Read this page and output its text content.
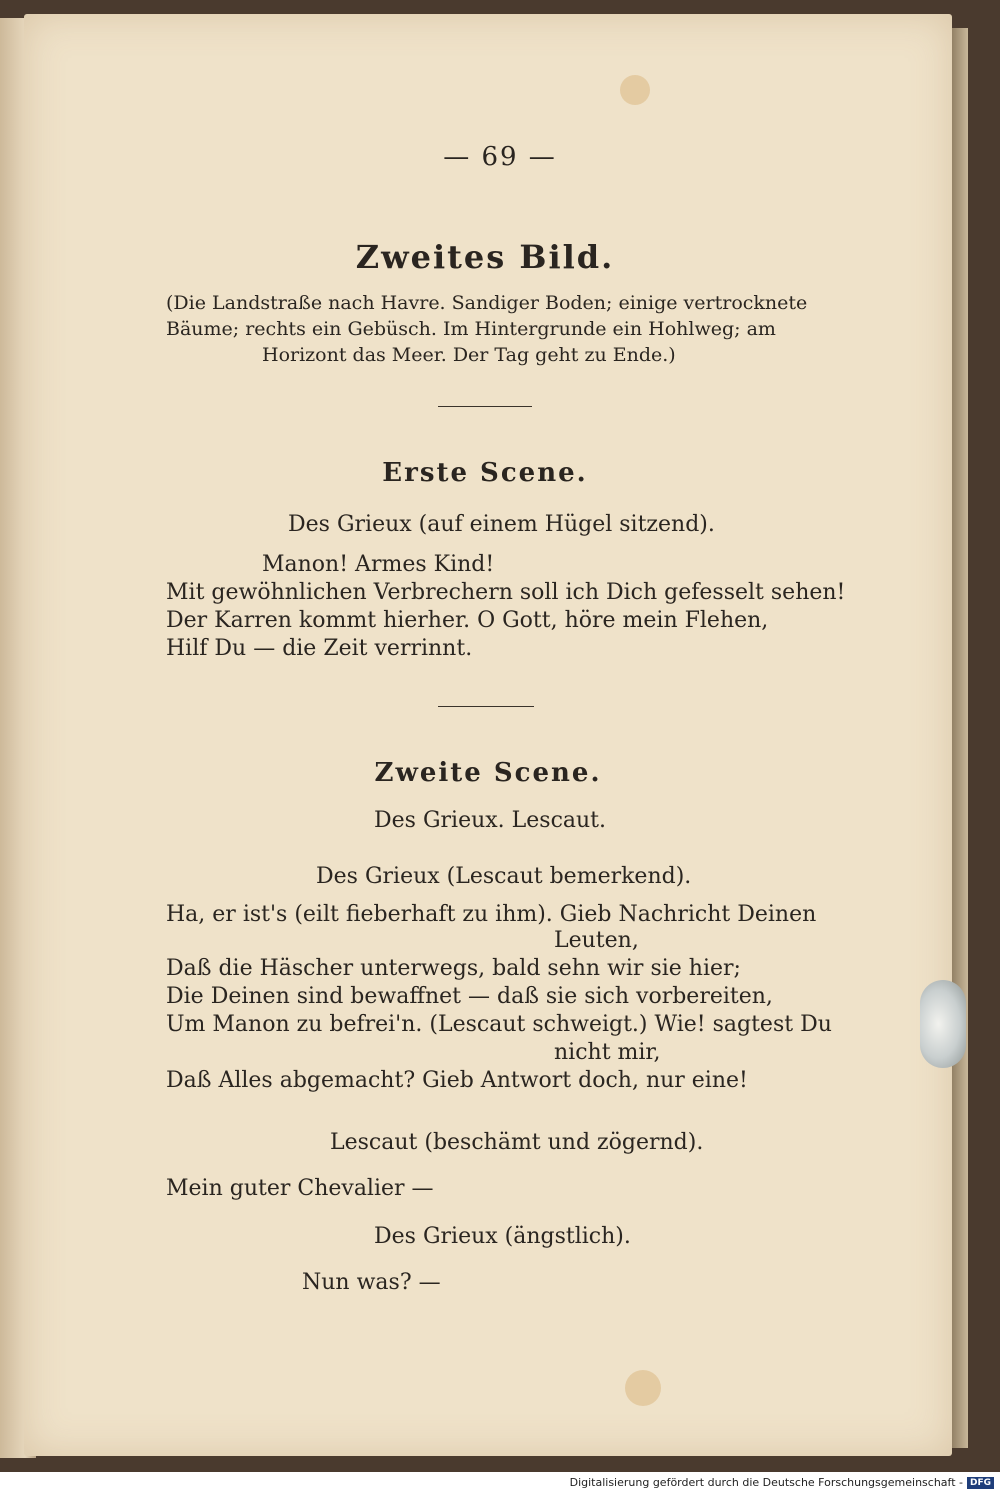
— 69 —
Zweites Bild.
(Die Landstraße nach Havre. Sandiger Boden; einige vertrocknete
Bäume; rechts ein Gebüsch. Im Hintergrunde ein Hohlweg; am
Horizont das Meer. Der Tag geht zu Ende.)
Erste Scene.
Des Grieux (auf einem Hügel sitzend).
Manon! Armes Kind!
Mit gewöhnlichen Verbrechern soll ich Dich gefesselt sehen!
Der Karren kommt hierher. O Gott, höre mein Flehen,
Hilf Du — die Zeit verrinnt.
Zweite Scene.
Des Grieux. Lescaut.
Des Grieux (Lescaut bemerkend).
Ha, er ist's (eilt fieberhaft zu ihm). Gieb Nachricht Deinen
Leuten,
Daß die Häscher unterwegs, bald sehn wir sie hier;
Die Deinen sind bewaffnet — daß sie sich vorbereiten,
Um Manon zu befrei'n. (Lescaut schweigt.) Wie! sagtest Du
nicht mir,
Daß Alles abgemacht? Gieb Antwort doch, nur eine!
Lescaut (beschämt und zögernd).
Mein guter Chevalier —
Des Grieux (ängstlich).
Nun was? —
Digitalisierung gefördert durch die Deutsche Forschungsgemeinschaft - DFG
